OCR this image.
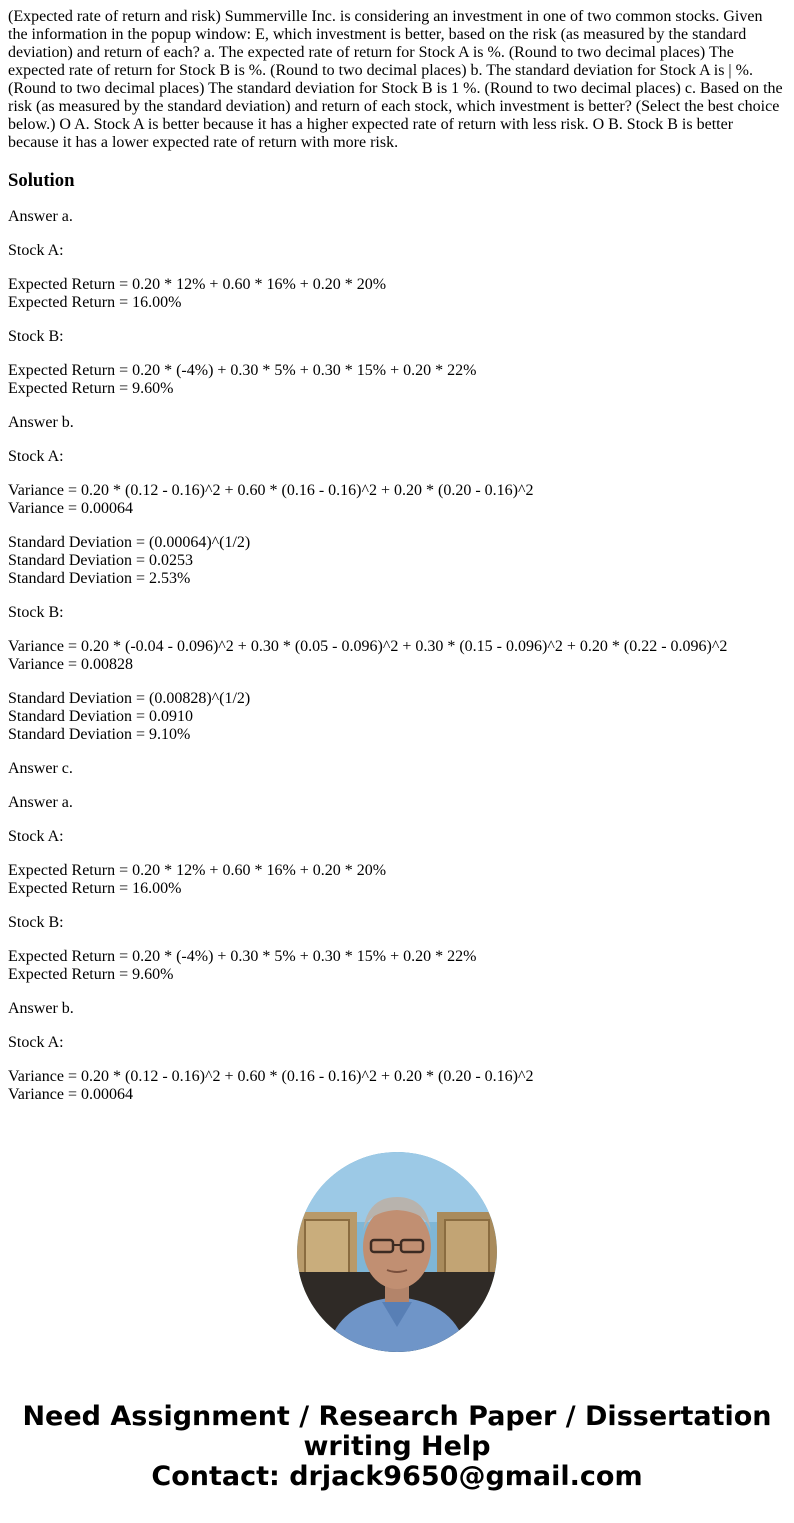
(Expected rate of return and risk) Summerville Inc. is considering an investment in one of two common stocks. Given the information in the popup window: E, which investment is better, based on the risk (as measured by the standard deviation) and return of each? a. The expected rate of return for Stock A is %. (Round to two decimal places) The expected rate of return for Stock B is %. (Round to two decimal places) b. The standard deviation for Stock A is | %. (Round to two decimal places) The standard deviation for Stock B is 1 %. (Round to two decimal places) c. Based on the risk (as measured by the standard deviation) and return of each stock, which investment is better? (Select the best choice below.) O A. Stock A is better because it has a higher expected rate of return with less risk. O B. Stock B is better because it has a lower expected rate of return with more risk.

Solution
Answer a.
Stock A:
Expected Return = 0.20 * 12% + 0.60 * 16% + 0.20 * 20%
Expected Return = 16.00%
Stock B:
Expected Return = 0.20 * (-4%) + 0.30 * 5% + 0.30 * 15% + 0.20 * 22%
Expected Return = 9.60%
Answer b.
Stock A:
Variance = 0.20 * (0.12 - 0.16)^2 + 0.60 * (0.16 - 0.16)^2 + 0.20 * (0.20 - 0.16)^2
Variance = 0.00064
Standard Deviation = (0.00064)^(1/2)
Standard Deviation = 0.0253
Standard Deviation = 2.53%
Stock B:
Variance = 0.20 * (-0.04 - 0.096)^2 + 0.30 * (0.05 - 0.096)^2 + 0.30 * (0.15 - 0.096)^2 + 0.20 * (0.22 - 0.096)^2
Variance = 0.00828
Standard Deviation = (0.00828)^(1/2)
Standard Deviation = 0.0910
Standard Deviation = 9.10%
Answer c.
Answer a.
Stock A:
Expected Return = 0.20 * 12% + 0.60 * 16% + 0.20 * 20%
Expected Return = 16.00%
Stock B:
Expected Return = 0.20 * (-4%) + 0.30 * 5% + 0.30 * 15% + 0.20 * 22%
Expected Return = 9.60%
Answer b.
Stock A:
Variance = 0.20 * (0.12 - 0.16)^2 + 0.60 * (0.16 - 0.16)^2 + 0.20 * (0.20 - 0.16)^2
Variance = 0.00064
Need Assignment / Research Paper / Dissertation
writing Help
Contact: drjack9650@gmail.com
